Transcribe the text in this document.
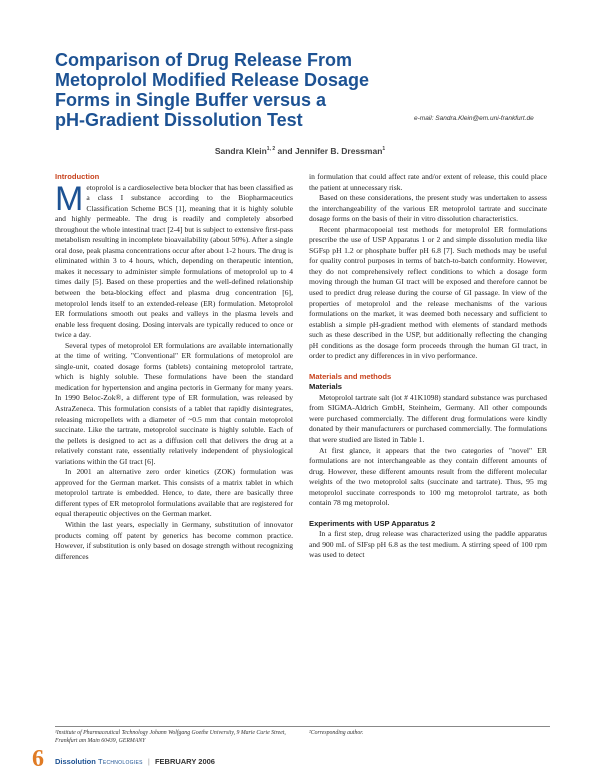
Comparison of Drug Release From
Metoprolol Modified Release Dosage
Forms in Single Buffer versus a
pH-Gradient Dissolution Test	e-mail: Sandra.Klein@em.uni-frankfurt.de
Sandra Klein$^{1, 2}$ and Jennifer B. Dressman$^1$
Introduction

Metoprolol is a cardioselective beta blocker that has been classified as a class I substance according to the Biopharmaceutics Classification Scheme BCS [1], meaning that it is highly soluble and highly permeable. The drug is readily and completely absorbed throughout the whole intestinal tract [2-4] but is subject to extensive first-pass metabolism resulting in incomplete bioavailability (about 50%). After a single oral dose, peak plasma concentrations occur after about 1-2 hours. The drug is eliminated within 3 to 4 hours, which, depending on therapeutic intention, makes it necessary to administer simple formulations of metoprolol up to 4 times daily [5]. Based on these properties and the well-defined relationship between the beta-blocking effect and plasma drug concentration [6], metoprolol lends itself to an extended-release (ER) formulation. Metoprolol ER formulations smooth out peaks and valleys in the plasma levels and enable less frequent dosing. Dosing intervals are typically reduced to once or twice a day.

Several types of metoprolol ER formulations are available internationally at the time of writing. "Conventional" ER formulations of metoprolol are single-unit, coated dosage forms (tablets) containing metoprolol tartrate, which is highly soluble. These formulations have been the standard medication for hypertension and angina pectoris in Germany for many years. In 1990 Beloc-Zok®, a different type of ER formulation, was released by AstraZeneca. This formulation consists of a tablet that rapidly disintegrates, releasing micropellets with a diameter of ~0.5 mm that contain metoprolol succinate. Like the tartrate, metoprolol succinate is highly soluble. Each of the pellets is designed to act as a diffusion cell that delivers the drug at a relatively constant rate, essentially relatively independent of physiological variations within the GI tract [6].

In 2001 an alternative zero order kinetics (ZOK) formulation was approved for the German market. This consists of a matrix tablet in which metoprolol tartrate is embedded. Hence, to date, there are basically three different types of ER metoprolol formulations available that are registered for equal therapeutic objectives on the German market.

Within the last years, especially in Germany, substitution of innovator products coming off patent by generics has become common practice. However, if substitution is only based on dosage strength without recognizing differences

in formulation that could affect rate and/or extent of release, this could place the patient at unnecessary risk.

Based on these considerations, the present study was undertaken to assess the interchangeability of the various ER metoprolol tartrate and succinate dosage forms on the basis of their in vitro dissolution characteristics.

Recent pharmacopoeial test methods for metoprolol ER formulations prescribe the use of USP Apparatus 1 or 2 and simple dissolution media like SGFsp pH 1.2 or phosphate buffer pH 6.8 [7]. Such methods may be useful for quality control purposes in terms of batch-to-batch conformity. However, they do not comprehensively reflect conditions to which a dosage form moving through the human GI tract will be exposed and therefore cannot be used to predict drug release during the course of GI passage. In view of the properties of metoprolol and the release mechanisms of the various formulations on the market, it was deemed both necessary and sufficient to establish a simple pH-gradient method with elements of standard methods such as these described in the USP, but additionally reflecting the changing pH conditions as the dosage form proceeds through the human GI tract, in order to predict any differences in in vivo performance.

Materials and methods
Materials

Metoprolol tartrate salt (lot # 41K1098) standard substance was purchased from SIGMA-Aldrich GmbH, Steinheim, Germany. All other compounds were purchased commercially. The different drug formulations were kindly donated by their manufacturers or purchased commercially. The formulations that were studied are listed in Table 1.

At first glance, it appears that the two categories of "novel" ER formulations are not interchangeable as they contain different amounts of drug. However, these different amounts result from the different molecular weights of the two metoprolol salts (succinate and tartrate). Thus, 95 mg metoprolol succinate corresponds to 100 mg metoprolol tartrate, as both contain 78 mg metoprolol.

Experiments with USP Apparatus 2

In a first step, drug release was characterized using the paddle apparatus and 900 mL of SIFsp pH 6.8 as the test medium. A stirring speed of 100 rpm was used to detect

¹Institute of Pharmaceutical Technology Johann Wolfgang Goethe University, 9 Marie Curie Street, Frankfurt am Main 60439, GERMANY
²Corresponding author.
6 Dissolution Technologies | FEBRUARY 2006
